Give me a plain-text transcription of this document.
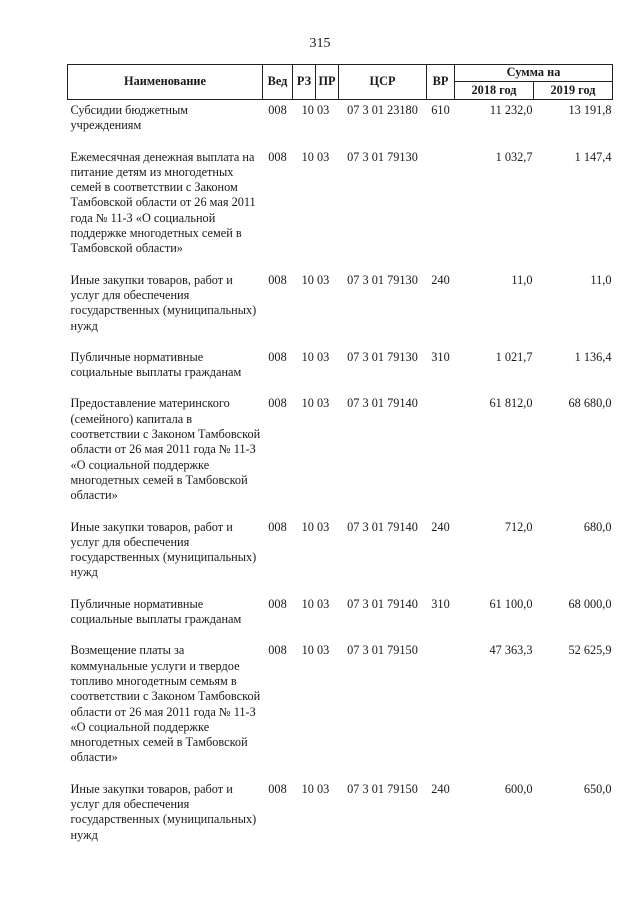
315
Наименование	Вед	РЗ	ПР	ЦСР	ВР	Сумма на	
						2018 год	2019 год
Субсидии бюджетным учреждениям	008	10 03		07 3 01 23180	610	11 232,0	13 191,8

Ежемесячная денежная выплата на питание детям из многодетных семей в соответствии с Законом Тамбовской области от 26 мая 2011 года № 11-З «О социальной поддержке многодетных семей в Тамбовской области»	008	10 03		07 3 01 79130		1 032,7	1 147,4

Иные закупки товаров, работ и услуг для обеспечения государственных (муниципальных) нужд	008	10 03		07 3 01 79130	240	11,0	11,0

Публичные нормативные социальные выплаты гражданам	008	10 03		07 3 01 79130	310	1 021,7	1 136,4

Предоставление материнского (семейного) капитала в соответствии с Законом Тамбовской области от 26 мая 2011 года № 11-З «О социальной поддержке многодетных семей в Тамбовской области»	008	10 03		07 3 01 79140		61 812,0	68 680,0

Иные закупки товаров, работ и услуг для обеспечения государственных (муниципальных) нужд	008	10 03		07 3 01 79140	240	712,0	680,0

Публичные нормативные социальные выплаты гражданам	008	10 03		07 3 01 79140	310	61 100,0	68 000,0

Возмещение платы за коммунальные услуги и твердое топливо многодетным семьям в соответствии с Законом Тамбовской области от 26 мая 2011 года № 11-З «О социальной поддержке многодетных семей в Тамбовской области»	008	10 03		07 3 01 79150		47 363,3	52 625,9

Иные закупки товаров, работ и услуг для обеспечения государственных (муниципальных) нужд	008	10 03		07 3 01 79150	240	600,0	650,0
